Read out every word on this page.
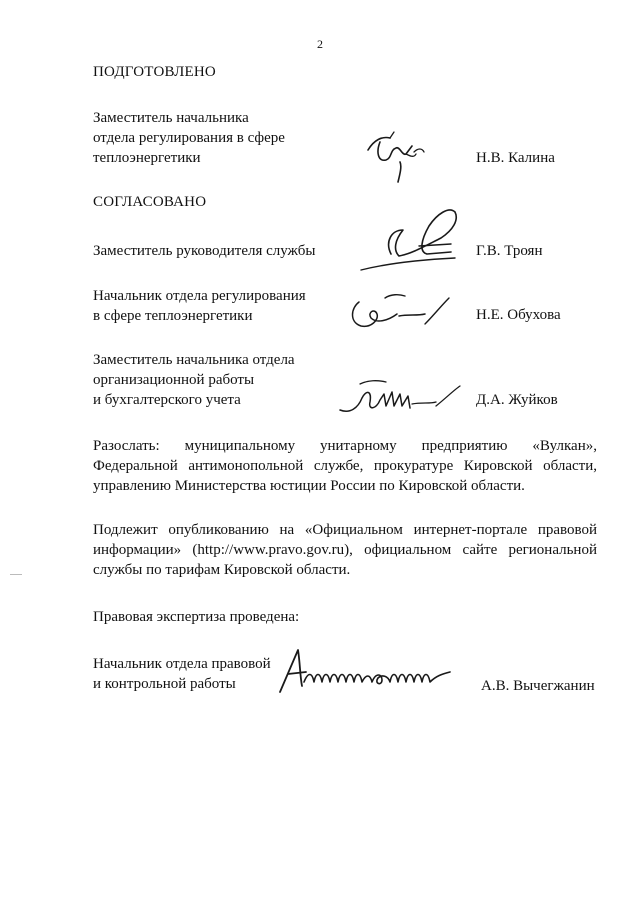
2
ПОДГОТОВЛЕНО
Заместитель начальника
отдела регулирования в сфере
теплоэнергетики	Н.В. Калина
СОГЛАСОВАНО
Заместитель руководителя службы	Г.В. Троян
Начальник отдела регулирования
в сфере теплоэнергетики	Н.Е. Обухова
Заместитель начальника отдела
организационной работы
и бухгалтерского учета	Д.А. Жуйков
Разослать: муниципальному унитарному предприятию «Вулкан»,
Федеральной антимонопольной службе, прокуратуре Кировской области,
управлению Министерства юстиции России по Кировской области.
Подлежит опубликованию на «Официальном интернет-портале правовой
информации» (http://www.pravo.gov.ru), официальном сайте региональной
службы по тарифам Кировской области.
Правовая экспертиза проведена:
Начальник отдела правовой
и контрольной работы	А.В. Вычегжанин
